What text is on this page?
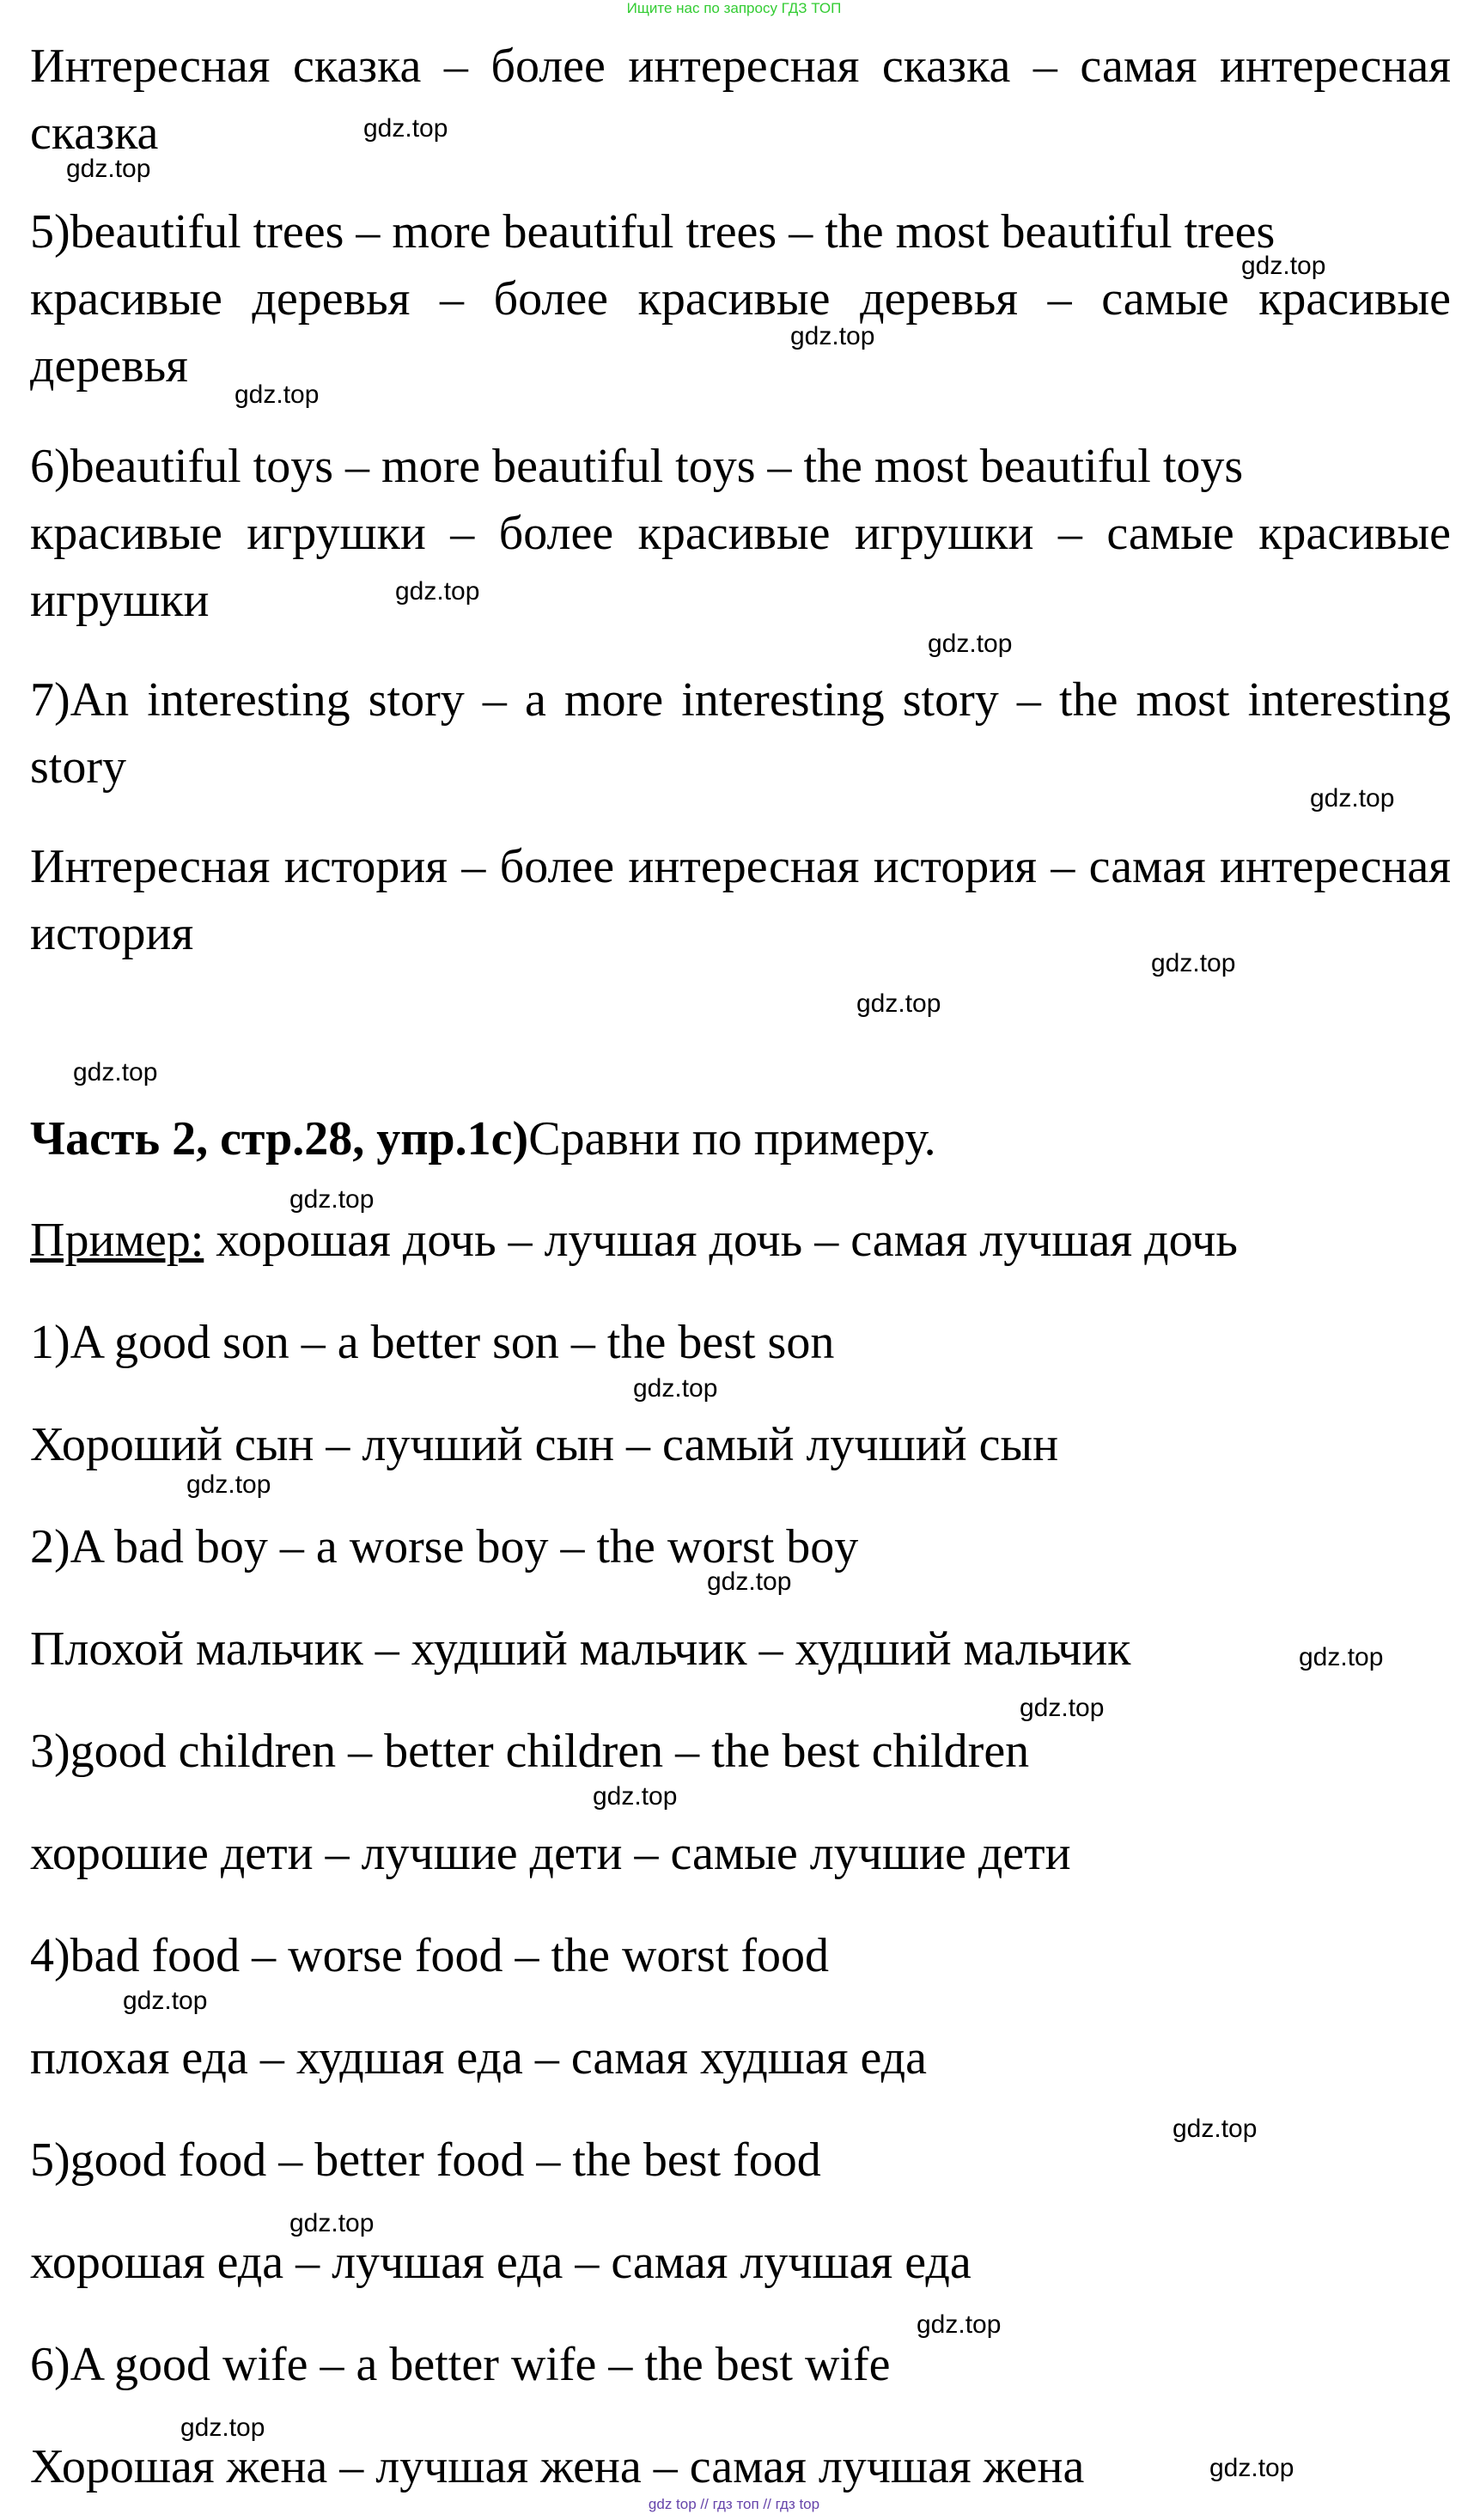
Ищите нас по запросу ГДЗ ТОП
Интересная сказка – более интересная сказка – самая интересная сказка
5)beautiful trees – more beautiful trees – the most beautiful trees
красивые деревья – более красивые деревья – самые красивые деревья
6)beautiful toys – more beautiful toys – the most beautiful toys
красивые игрушки – более красивые игрушки – самые красивые игрушки
7)An interesting story – a more interesting story – the most interesting story
Интересная история – более интересная история – самая интересная история
Часть 2, стр.28, упр.1с)Сравни по примеру.
Пример: хорошая дочь – лучшая дочь – самая лучшая дочь
1)A good son – a better son – the best son
Хороший сын – лучший сын – самый лучший сын
2)A bad boy – a worse boy – the worst boy
Плохой мальчик – худший мальчик – худший мальчик
3)good children – better children – the best children
хорошие дети – лучшие дети – самые лучшие дети
4)bad food – worse food – the worst food
плохая еда – худшая еда – самая худшая еда
5)good food – better food – the best food
хорошая еда – лучшая еда – самая лучшая еда
6)A good wife – a better wife – the best wife
Хорошая жена – лучшая жена – самая лучшая жена
gdz.top
gdz.top
gdz.top
gdz.top
gdz.top
gdz.top
gdz.top
gdz.top
gdz.top
gdz.top
gdz.top
gdz.top
gdz.top
gdz.top
gdz.top
gdz.top
gdz.top
gdz.top
gdz.top
gdz.top
gdz.top
gdz.top
gdz.top
gdz.top
gdz top // гдз топ // гдз top
